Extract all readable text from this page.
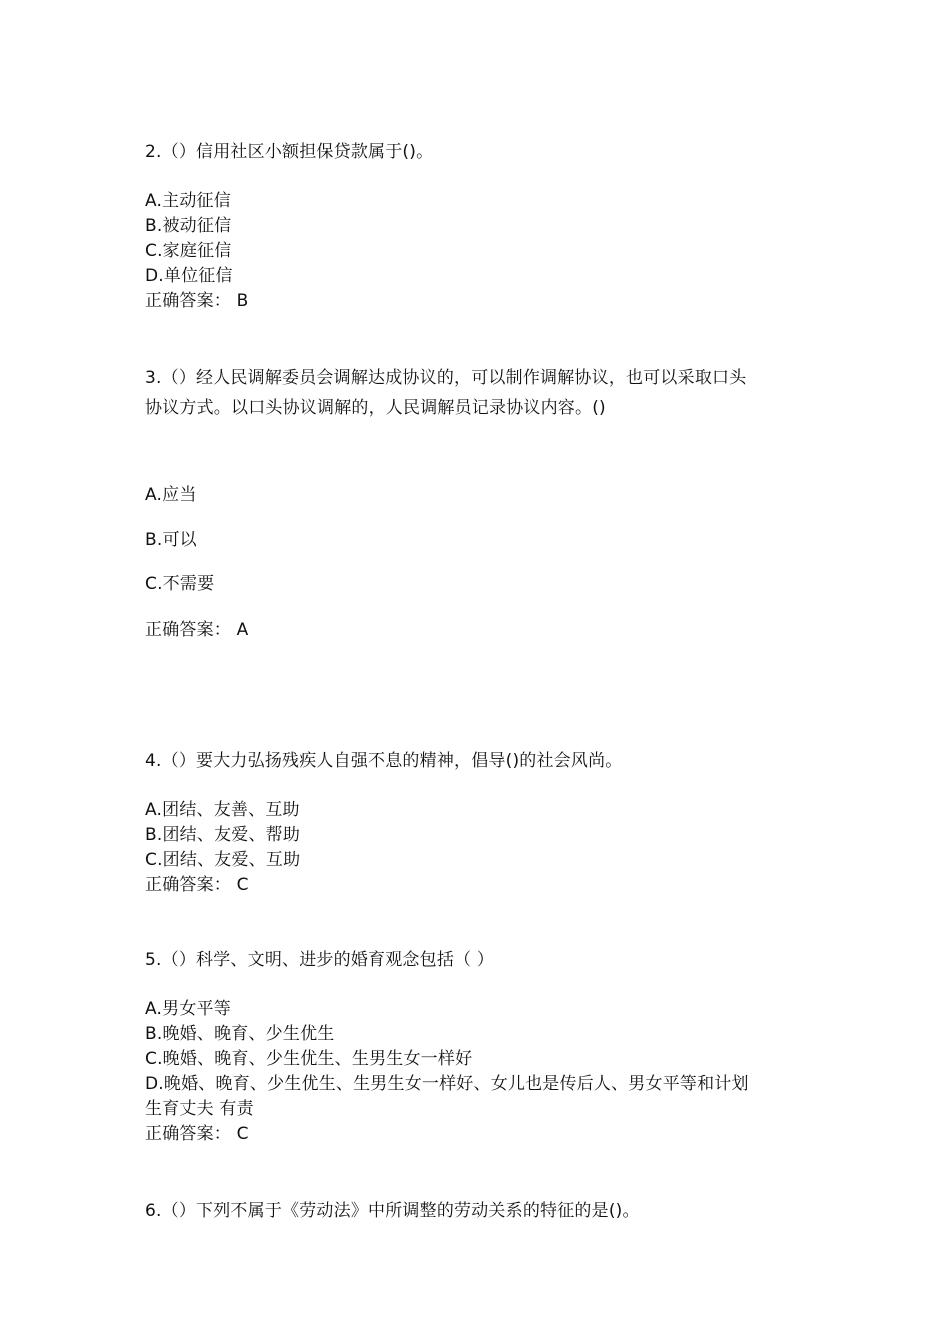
2.（）信用社区小额担保贷款属于()。
A.主动征信
B.被动征信
C.家庭征信
D.单位征信
正确答案： B
3.（）经人民调解委员会调解达成协议的，可以制作调解协议，也可以采取口头
协议方式。以口头协议调解的，人民调解员记录协议内容。()
A.应当
B.可以
C.不需要
正确答案： A
4.（）要大力弘扬残疾人自强不息的精神，倡导()的社会风尚。
A.团结、友善、互助
B.团结、友爱、帮助
C.团结、友爱、互助
正确答案： C
5.（）科学、文明、进步的婚育观念包括（ ）
A.男女平等
B.晚婚、晚育、少生优生
C.晚婚、晚育、少生优生、生男生女一样好
D.晚婚、晚育、少生优生、生男生女一样好、女儿也是传后人、男女平等和计划
生育丈夫 有责
正确答案： C
6.（）下列不属于《劳动法》中所调整的劳动关系的特征的是()。
